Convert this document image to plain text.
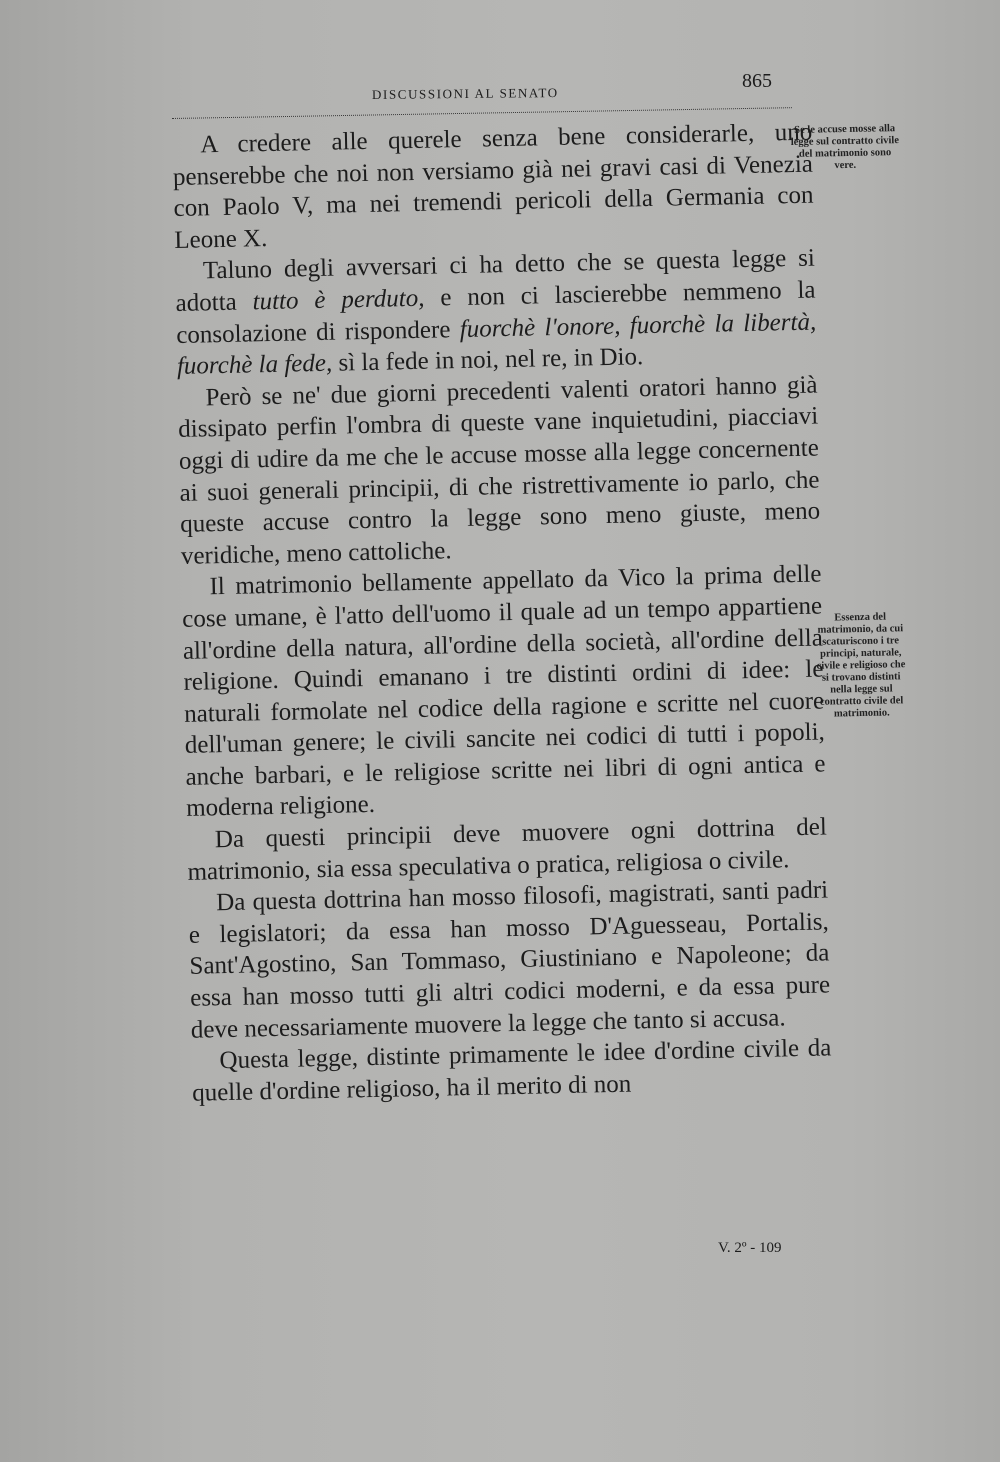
865
DISCUSSIONI AL SENATO
Se le accuse mosse alla legge sul contratto civile del matrimonio sono vere.
Essenza del matrimonio, da cui scaturiscono i tre principi, naturale, civile e religioso che si trovano distinti nella legge sul contratto civile del matrimonio.

A credere alle querele senza bene considerarle, uno penserebbe che noi non versiamo già nei gravi casi di Venezia con Paolo V, ma nei tremendi pericoli della Germania con Leone X.

Taluno degli avversari ci ha detto che se questa legge si adotta tutto è perduto, e non ci lascierebbe nemmeno la consolazione di rispondere fuorchè l'onore, fuorchè la libertà, fuorchè la fede, sì la fede in noi, nel re, in Dio.

Però se ne' due giorni precedenti valenti oratori hanno già dissipato perfin l'ombra di queste vane inquietudini, piacciavi oggi di udire da me che le accuse mosse alla legge concernente ai suoi generali principii, di che ristrettivamente io parlo, che queste accuse contro la legge sono meno giuste, meno veridiche, meno cattoliche.

Il matrimonio bellamente appellato da Vico la prima delle cose umane, è l'atto dell'uomo il quale ad un tempo appartiene all'ordine della natura, all'ordine della società, all'ordine della religione. Quindi emanano i tre distinti ordini di idee: le naturali formolate nel codice della ragione e scritte nel cuore dell'uman genere; le civili sancite nei codici di tutti i popoli, anche barbari, e le religiose scritte nei libri di ogni antica e moderna religione.

Da questi principii deve muovere ogni dottrina del matrimonio, sia essa speculativa o pratica, religiosa o civile.

Da questa dottrina han mosso filosofi, magistrati, santi padri e legislatori; da essa han mosso D'Aguesseau, Portalis, Sant'Agostino, San Tommaso, Giustiniano e Napoleone; da essa han mosso tutti gli altri codici moderni, e da essa pure deve necessariamente muovere la legge che tanto si accusa.

Questa legge, distinte primamente le idee d'ordine civile da quelle d'ordine religioso, ha il merito di non

V. 2º - 109
